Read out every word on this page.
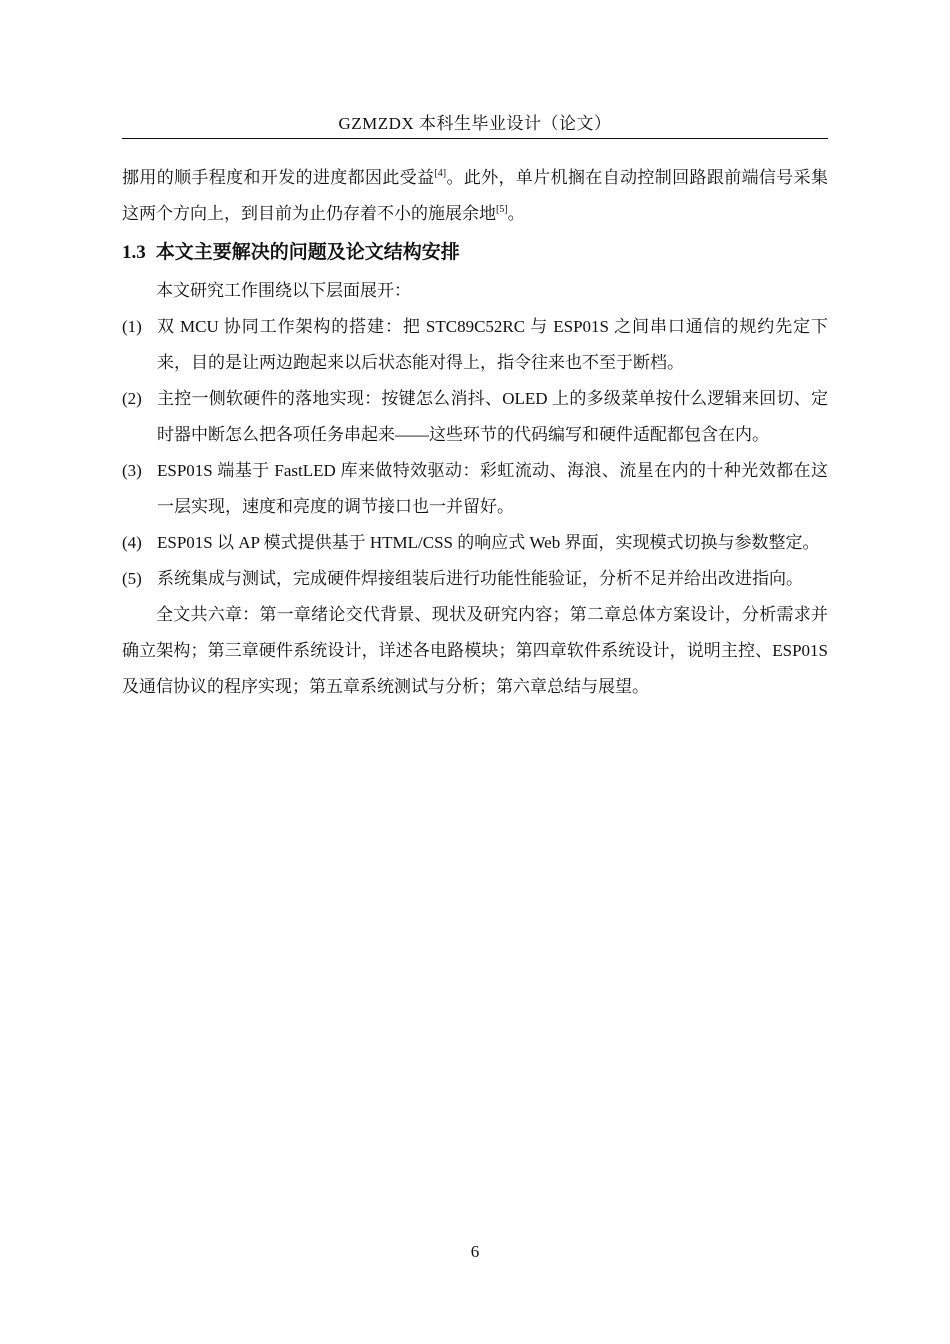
GZMZDX 本科生毕业设计（论文）

挪用的顺手程度和开发的进度都因此受益[4]。此外，单片机搁在自动控制回路跟前端信号采集这两个方向上，到目前为止仍存着不小的施展余地[5]。

1.3 本文主要解决的问题及论文结构安排

本文研究工作围绕以下层面展开：

(1) 双 MCU 协同工作架构的搭建：把 STC89C52RC 与 ESP01S 之间串口通信的规约先定下来，目的是让两边跑起来以后状态能对得上，指令往来也不至于断档。
(2) 主控一侧软硬件的落地实现：按键怎么消抖、OLED 上的多级菜单按什么逻辑来回切、定时器中断怎么把各项任务串起来——这些环节的代码编写和硬件适配都包含在内。
(3) ESP01S 端基于 FastLED 库来做特效驱动：彩虹流动、海浪、流星在内的十种光效都在这一层实现，速度和亮度的调节接口也一并留好。
(4) ESP01S 以 AP 模式提供基于 HTML/CSS 的响应式 Web 界面，实现模式切换与参数整定。
(5) 系统集成与测试，完成硬件焊接组装后进行功能性能验证，分析不足并给出改进指向。

全文共六章：第一章绪论交代背景、现状及研究内容；第二章总体方案设计，分析需求并确立架构；第三章硬件系统设计，详述各电路模块；第四章软件系统设计，说明主控、ESP01S 及通信协议的程序实现；第五章系统测试与分析；第六章总结与展望。

6
